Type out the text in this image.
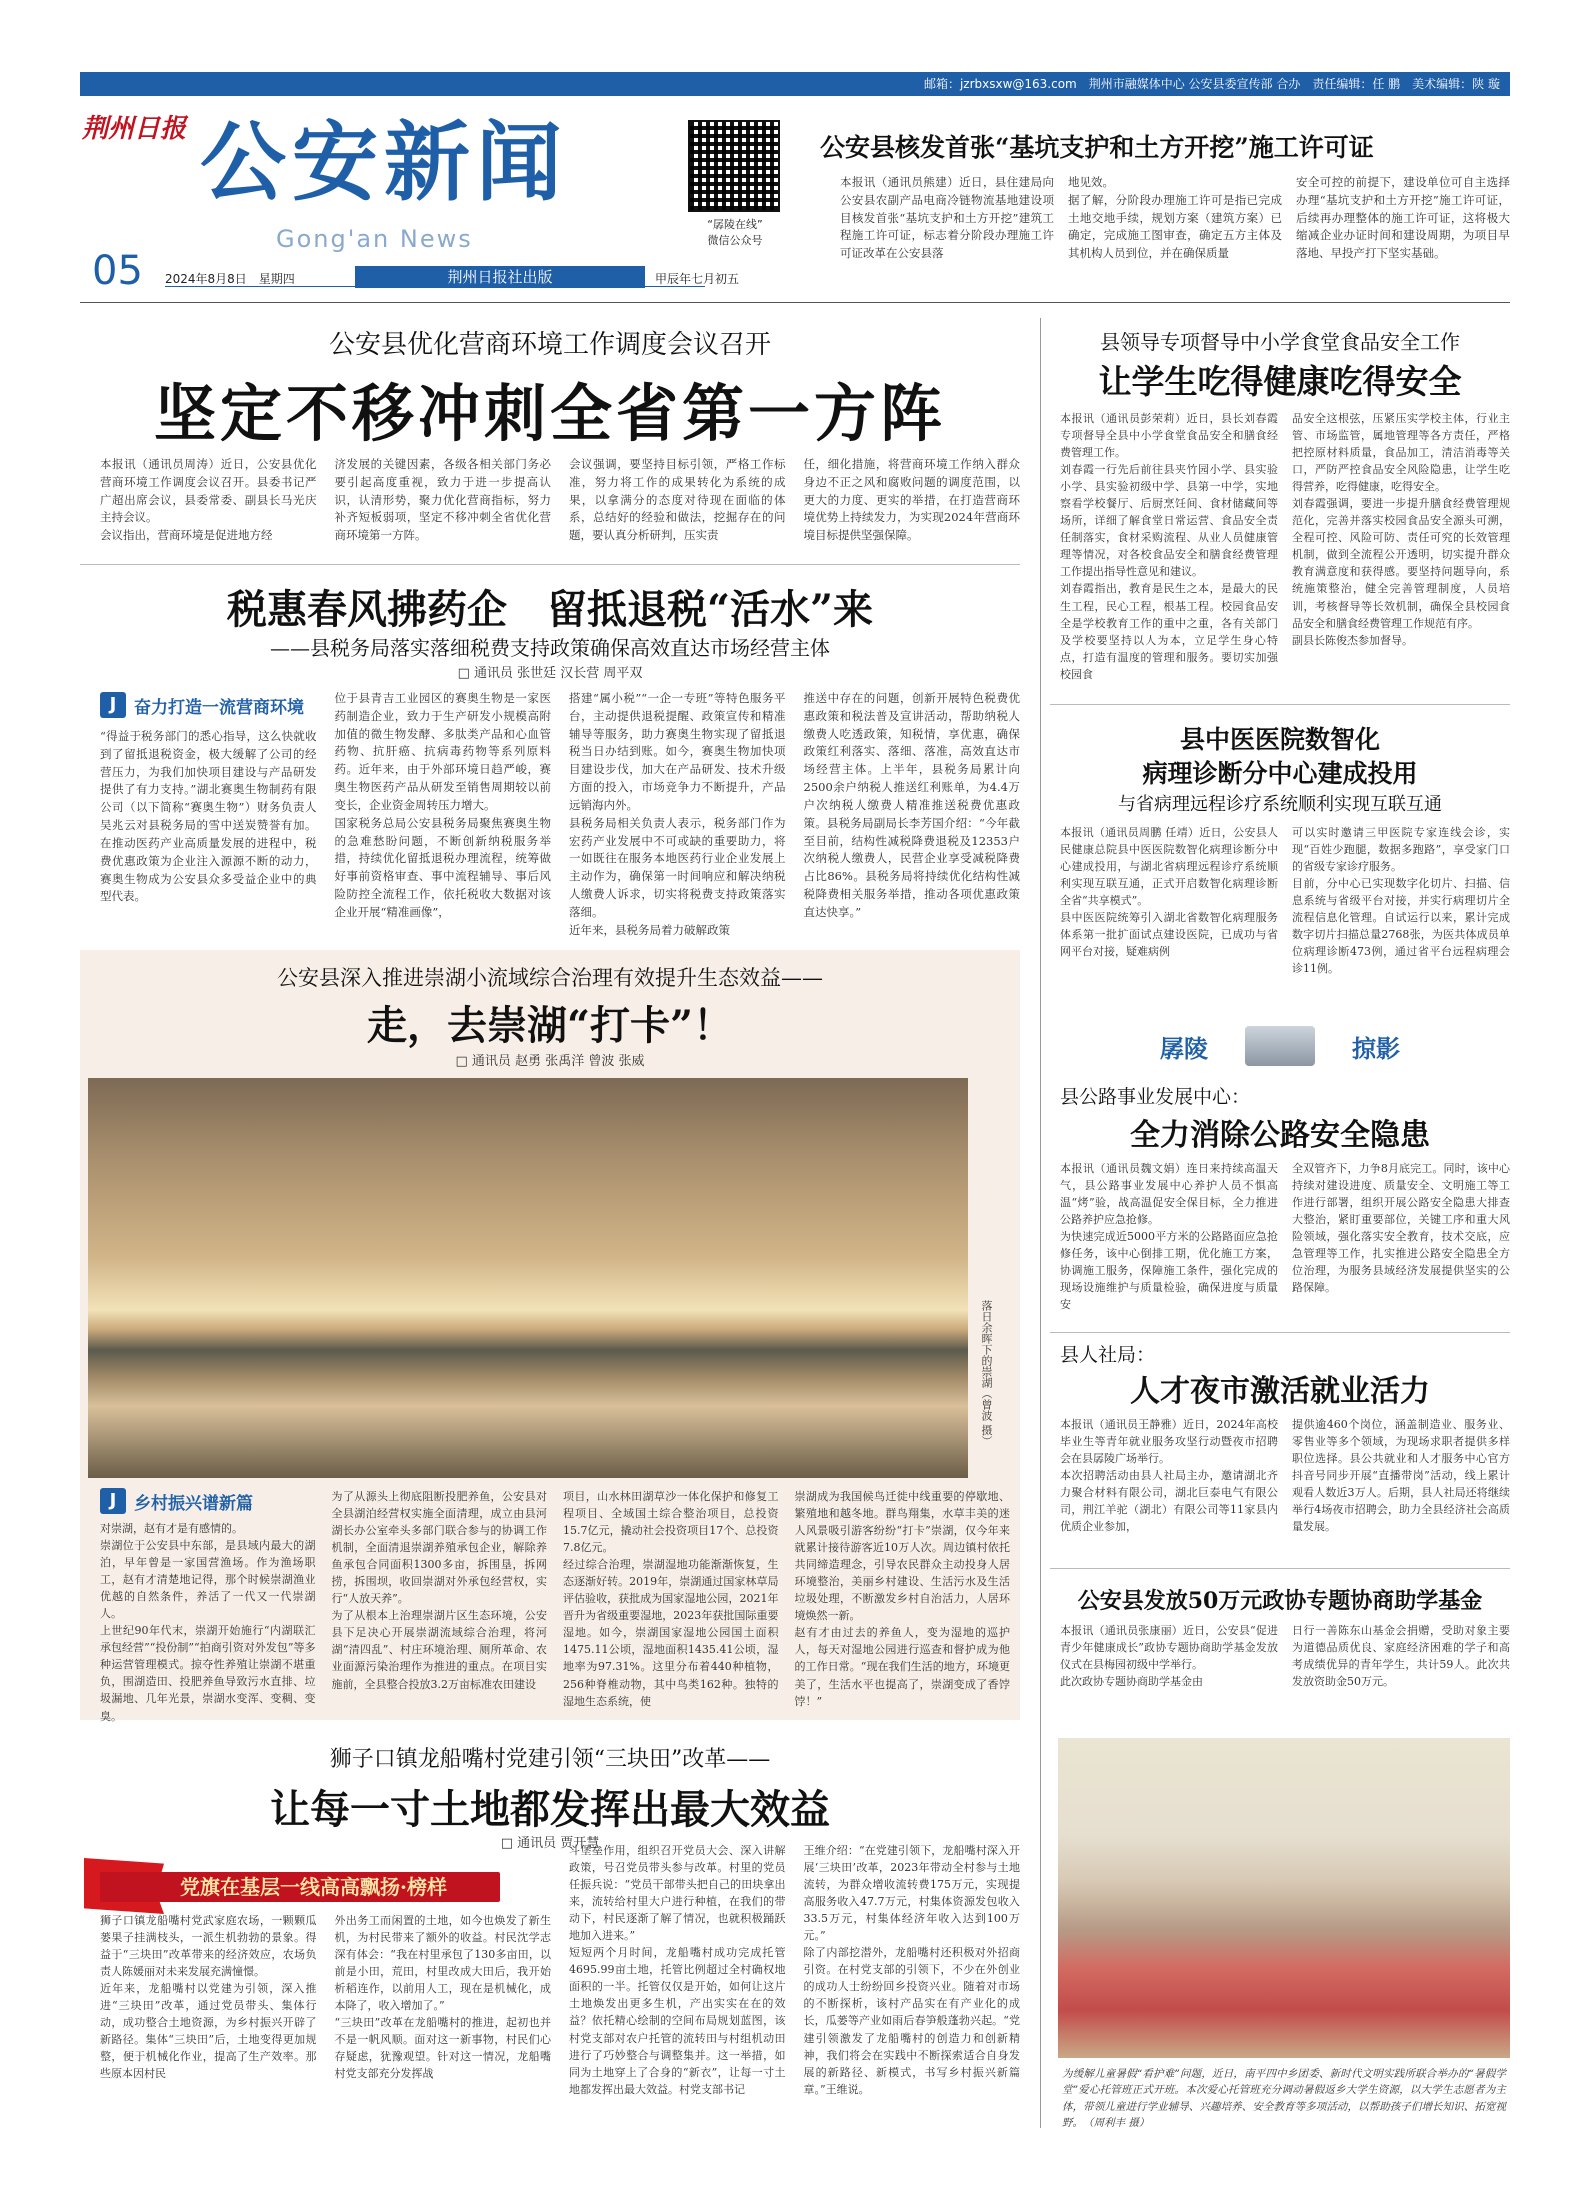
邮箱：jzrbxsxw@163.com　荆州市融媒体中心 公安县委宣传部 合办　责任编辑：任 鹏　美术编辑：陕 璇
荆州日报 公安新闻
Gong'an News
“孱陵在线”
微信公众号
05 2024年8月8日　星期四	荆州日报社出版	甲辰年七月初五
公安县核发首张“基坑支护和土方开挖”施工许可证
本报讯（通讯员熊建）近日，县住建局向公安县农副产品电商冷链物流基地建设项目核发首张“基坑支护和土方开挖”建筑工程施工许可证，标志着分阶段办理施工许可证改革在公安县落
地见效。
据了解，分阶段办理施工许可是指已完成土地交地手续，规划方案（建筑方案）已确定，完成施工图审查，确定五方主体及其机构人员到位，并在确保质量
安全可控的前提下，建设单位可自主选择办理“基坑支护和土方开挖”施工许可证，后续再办理整体的施工许可证，这将极大缩减企业办证时间和建设周期，为项目早落地、早投产打下坚实基础。
公安县优化营商环境工作调度会议召开
坚定不移冲刺全省第一方阵
本报讯（通讯员周涛）近日，公安县优化营商环境工作调度会议召开。县委书记严广超出席会议，县委常委、副县长马光庆主持会议。
会议指出，营商环境是促进地方经
济发展的关键因素，各级各相关部门务必要引起高度重视，致力于进一步提高认识，认清形势，聚力优化营商指标，努力补齐短板弱项，坚定不移冲刺全省优化营商环境第一方阵。
会议强调，要坚持目标引领，严格工作标准，努力将工作的成果转化为系统的成果，以拿满分的态度对待现在面临的体系，总结好的经验和做法，挖掘存在的问题，要认真分析研判，压实责
任，细化措施，将营商环境工作纳入群众身边不正之风和腐败问题的调度范围，以更大的力度、更实的举措，在打造营商环境优势上持续发力，为实现2024年营商环境目标提供坚强保障。
税惠春风拂药企　留抵退税“活水”来
——县税务局落实落细税费支持政策确保高效直达市场经营主体
□ 通讯员 张世廷 汉长营 周平双
J	奋力打造一流营商环境
“得益于税务部门的悉心指导，这么快就收到了留抵退税资金，极大缓解了公司的经营压力，为我们加快项目建设与产品研发提供了有力支持。”湖北赛奥生物制药有限公司（以下简称“赛奥生物”）财务负责人吴兆云对县税务局的雪中送炭赞誉有加。在推动医药产业高质量发展的进程中，税费优惠政策为企业注入源源不断的动力，赛奥生物成为公安县众多受益企业中的典型代表。
位于县青吉工业园区的赛奥生物是一家医药制造企业，致力于生产研发小规模高附加值的微生物发酵、多肽类产品和心血管药物、抗肝癌、抗病毒药物等系列原料药。近年来，由于外部环境日趋严峻，赛奥生物医药产品从研发至销售周期较以前变长，企业资金周转压力增大。
国家税务总局公安县税务局聚焦赛奥生物的急难愁盼问题，不断创新纳税服务举措，持续优化留抵退税办理流程，统筹做好事前资格审查、事中流程辅导、事后风险防控全流程工作，依托税收大数据对该企业开展“精准画像”，
搭建“属小税”“一企一专班”等特色服务平台，主动提供退税提醒、政策宣传和精准辅导等服务，助力赛奥生物实现了留抵退税当日办结到账。如今，赛奥生物加快项目建设步伐，加大在产品研发、技术升级方面的投入，市场竞争力不断提升，产品远销海内外。
县税务局相关负责人表示，税务部门作为宏药产业发展中不可或缺的重要助力，将一如既往在服务本地医药行业企业发展上主动作为，确保第一时间响应和解决纳税人缴费人诉求，切实将税费支持政策落实落细。
近年来，县税务局着力破解政策
推送中存在的问题，创新开展特色税费优惠政策和税法普及宣讲活动，帮助纳税人缴费人吃透政策，知税情，享优惠，确保政策红利落实、落细、落准，高效直达市场经营主体。上半年，县税务局累计向2500余户纳税人推送红利账单，为4.4万户次纳税人缴费人精准推送税费优惠政策。县税务局副局长李芳国介绍：“今年截至目前，结构性减税降费退税及12353户次纳税人缴费人，民营企业享受减税降费占比86%。县税务局将持续优化结构性减税降费相关服务举措，推动各项优惠政策直达快享。”
公安县深入推进崇湖小流域综合治理有效提升生态效益——
走，去崇湖“打卡”！
□ 通讯员 赵勇 张禹洋 曾波 张威
落日余晖下的崇湖（曾波 摄）
J	乡村振兴谱新篇
对崇湖，赵有才是有感情的。
崇湖位于公安县中东部，是县域内最大的湖泊，早年曾是一家国营渔场。作为渔场职工，赵有才清楚地记得，那个时候崇湖渔业优越的自然条件，养活了一代又一代崇湖人。
上世纪90年代末，崇湖开始施行“内湖联汇承包经营”“投份制”“拍商引资对外发包”等多种运营管理模式。掠夺性养殖让崇湖不堪重负，围湖造田、投肥养鱼导致污水直排、垃圾漏地、几年光景，崇湖水变浑、变稠、变臭。
为了从源头上彻底阻断投肥养鱼，公安县对全县湖泊经营权实施全面清理，成立由县河湖长办公室牵头多部门联合参与的协调工作机制，全面清退崇湖养殖承包企业，解除养鱼承包合同面积1300多亩，拆围垦，拆网捞，拆围坝，收回崇湖对外承包经营权，实行“人放天养”。
为了从根本上治理崇湖片区生态环境，公安县下足决心开展崇湖流域综合治理，将河湖“清四乱”、村庄环境治理、厕所革命、农业面源污染治理作为推进的重点。在项目实施前，全县整合投放3.2万亩标准农田建设
项目，山水林田湖草沙一体化保护和修复工程项目、全域国土综合整治项目，总投资15.7亿元，撬动社会投资项目17个、总投资7.8亿元。
经过综合治理，崇湖湿地功能渐渐恢复，生态逐渐好转。2019年，崇湖通过国家林草局评估验收，获批成为国家湿地公园，2021年晋升为省级重要湿地，2023年获批国际重要湿地。如今，崇湖国家湿地公园国土面积1475.11公顷，湿地面积1435.41公顷，湿地率为97.31%。这里分布着440种植物，256种脊椎动物，其中鸟类162种。独特的湿地生态系统，使
崇湖成为我国候鸟迁徙中线重要的停歇地、繁殖地和越冬地。群鸟翔集，水草丰美的迷人风景吸引游客纷纷“打卡”崇湖，仅今年来就累计接待游客近10万人次。周边镇村依托共同缔造理念，引导农民群众主动投身人居环境整治，美丽乡村建设、生活污水及生活垃圾处理，不断激发乡村自治活力，人居环境焕然一新。
赵有才由过去的养鱼人，变为湿地的巡护人，每天对湿地公园进行巡查和督护成为他的工作日常。“现在我们生活的地方，环境更美了，生活水平也提高了，崇湖变成了香饽饽！”
狮子口镇龙船嘴村党建引领“三块田”改革——
让每一寸土地都发挥出最大效益
□ 通讯员 贾开慧
党旗在基层一线高高飘扬·榜样
狮子口镇龙船嘴村党武家庭农场，一颗颗瓜蒌果子挂满枝头，一派生机勃勃的景象。得益于“三块田”改革带来的经济效应，农场负责人陈媛丽对未来发展充满憧憬。
近年来，龙船嘴村以党建为引领，深入推进“三块田”改革，通过党员带头、集体行动，成功整合土地资源，为乡村振兴开辟了新路径。集体“三块田”后，土地变得更加规整，便于机械化作业，提高了生产效率。那些原本因村民
外出务工而闲置的土地，如今也焕发了新生机，为村民带来了额外的收益。村民沈学志深有体会：“我在村里承包了130多亩田，以前是小田，荒田，村里改成大田后，我开始析稻连作，以前用人工，现在是机械化，成本降了，收入增加了。”
“三块田”改革在龙船嘴村的推进，起初也并不是一帆风顺。面对这一新事物，村民们心存疑虑，犹豫观望。针对这一情况，龙船嘴村党支部充分发挥战
斗堡垒作用，组织召开党员大会、深入讲解政策，号召党员带头参与改革。村里的党员任振兵说：“党员干部带头把自己的田块拿出来，流转给村里大户进行种植，在我们的带动下，村民逐渐了解了情况，也就积极踊跃地加入进来。”
短短两个月时间，龙船嘴村成功完成托管4695.99亩土地，托管比例超过全村确权地面积的一半。托管仅仅是开始，如何让这片土地焕发出更多生机，产出实实在在的效益？依托精心绘制的空间布局规划蓝图，该村党支部对农户托管的流转田与村组机动田进行了巧妙整合与调整集并。这一举措，如同为土地穿上了合身的“新衣”，让每一寸土地都发挥出最大效益。村党支部书记
王维介绍：“在党建引领下，龙船嘴村深入开展‘三块田’改革，2023年带动全村参与土地流转，为群众增收流转费175万元，实现提高服务收入47.7万元，村集体资源发包收入33.5万元，村集体经济年收入达到100万元。”
除了内部挖潜外，龙船嘴村还积极对外招商引资。在村党支部的引领下，不少在外创业的成功人士纷纷回乡投资兴业。随着对市场的不断探析，该村产品实在有产业化的成长，瓜蒌等产业如雨后春笋般蓬勃兴起。“党建引领激发了龙船嘴村的创造力和创新精神，我们将会在实践中不断探索适合自身发展的新路径、新模式，书写乡村振兴新篇章。”王维说。
县领导专项督导中小学食堂食品安全工作
让学生吃得健康吃得安全
本报讯（通讯员彭荣莉）近日，县长刘春霞专项督导全县中小学食堂食品安全和膳食经费管理工作。
刘春霞一行先后前往县夹竹园小学、县实验小学、县实验初级中学、县第一中学，实地察看学校餐厅、后厨烹饪间、食材储藏间等场所，详细了解食堂日常运营、食品安全责任制落实，食材采购流程、从业人员健康管理等情况，对各校食品安全和膳食经费管理工作提出指导性意见和建议。
刘春霞指出，教育是民生之本，是最大的民生工程，民心工程，根基工程。校园食品安全是学校教育工作的重中之重，各有关部门及学校要坚持以人为本，立足学生身心特点，打造有温度的管理和服务。要切实加强校园食
品安全这根弦，压紧压实学校主体，行业主管、市场监管，属地管理等各方责任，严格把控原材料质量，食品加工，清洁消毒等关口，严防严控食品安全风险隐患，让学生吃得营养，吃得健康，吃得安全。
刘春霞强调，要进一步提升膳食经费管理规范化，完善并落实校园食品安全源头可溯，全程可控、风险可防、责任可究的长效管理机制，做到全流程公开透明，切实提升群众教育满意度和获得感。要坚持问题导向，系统施策整治，健全完善管理制度，人员培训，考核督导等长效机制，确保全县校园食品安全和膳食经费管理工作规范有序。
副县长陈俊杰参加督导。
县中医医院数智化
病理诊断分中心建成投用
与省病理远程诊疗系统顺利实现互联互通
本报讯（通讯员周鹏 任靖）近日，公安县人民健康总院县中医医院数智化病理诊断分中心建成投用，与湖北省病理远程诊疗系统顺利实现互联互通，正式开启数智化病理诊断全省“共享模式”。
县中医医院统筹引入湖北省数智化病理服务体系第一批扩面试点建设医院，已成功与省网平台对接，疑难病例
可以实时邀请三甲医院专家连线会诊，实现“百姓少跑腿，数据多跑路”，享受家门口的省级专家诊疗服务。
目前，分中心已实现数字化切片、扫描、信息系统与省级平台对接，并实行病理切片全流程信息化管理。自试运行以来，累计完成数字切片扫描总量2768张，为医共体成员单位病理诊断473例，通过省平台远程病理会诊11例。
孱陵	掠影
县公路事业发展中心：
全力消除公路安全隐患
本报讯（通讯员魏文娟）连日来持续高温天气，县公路事业发展中心养护人员不惧高温“烤”验，战高温促安全保目标，全力推进公路养护应急抢修。
为快速完成近5000平方米的公路路面应急抢修任务，该中心倒排工期，优化施工方案，协调施工服务，保障施工条件，强化完成的现场设施维护与质量检验，确保进度与质量安
全双管齐下，力争8月底完工。同时，该中心持续对建设进度、质量安全、文明施工等工作进行部署，组织开展公路安全隐患大排查大整治，紧盯重要部位，关键工序和重大风险领域，强化落实安全教育，技术交底，应急管理等工作，扎实推进公路安全隐患全方位治理，为服务县域经济发展提供坚实的公路保障。
县人社局：
人才夜市激活就业活力
本报讯（通讯员王静雅）近日，2024年高校毕业生等青年就业服务攻坚行动暨夜市招聘会在县孱陵广场举行。
本次招聘活动由县人社局主办，邀请湖北齐力聚合材料有限公司，湖北巨泰电气有限公司，荆江羊驼（湖北）有限公司等11家县内优质企业参加，
提供逾460个岗位，涵盖制造业、服务业、零售业等多个领域，为现场求职者提供多样职位选择。县公共就业和人才服务中心官方抖音号同步开展“直播带岗”活动，线上累计观看人数近3万人。后期，县人社局还将继续举行4场夜市招聘会，助力全县经济社会高质量发展。
公安县发放50万元政协专题协商助学基金
本报讯（通讯员张康丽）近日，公安县“促进青少年健康成长”政协专题协商助学基金发放仪式在县梅园初级中学举行。
此次政协专题协商助学基金由
日行一善陈东山基金会捐赠，受助对象主要为道德品质优良、家庭经济困难的学子和高考成绩优异的青年学生，共计59人。此次共发放资助金50万元。
为缓解儿童暑假“看护难”问题，近日，南平四中乡团委、新时代文明实践所联合举办的“暑假学堂”爱心托管班正式开班。本次爱心托管班充分调动暑假返乡大学生资源，以大学生志愿者为主体，带领儿童进行学业辅导、兴趣培养、安全教育等多项活动，以帮助孩子们增长知识、拓宽视野。　（周利丰 摄）
